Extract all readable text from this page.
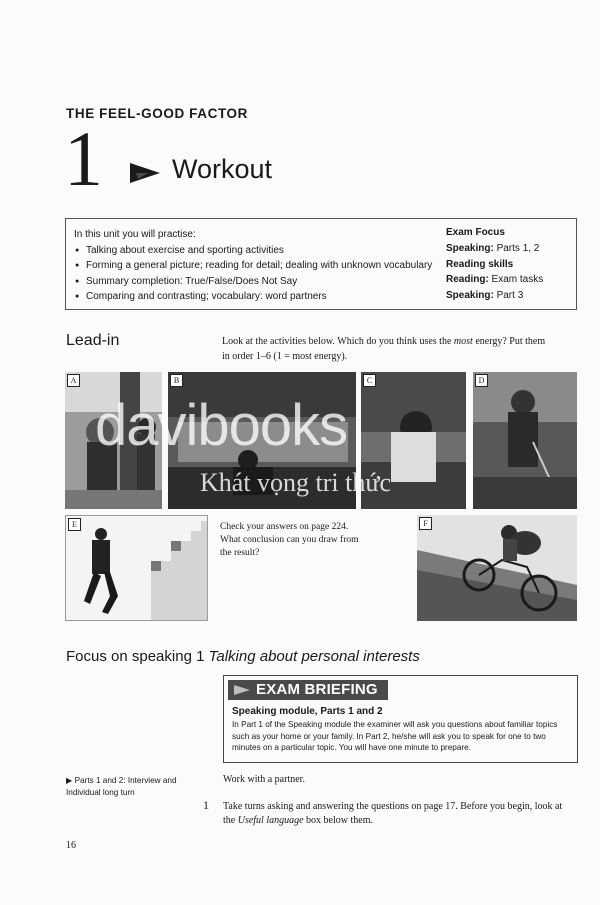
THE FEEL-GOOD FACTOR
1	Workout
In this unit you will practise:
● Talking about exercise and sporting activities
● Forming a general picture; reading for detail; dealing with unknown vocabulary
● Summary completion: True/False/Does Not Say
● Comparing and contrasting; vocabulary: word partners
Exam Focus
Speaking: Parts 1, 2
Reading skills
Reading: Exam tasks
Speaking: Part 3
Lead-in	Look at the activities below. Which do you think uses the most energy? Put them in order 1–6 (1 = most energy).
A	B	C	D
E	Check your answers on page 224. What conclusion can you draw from the result?
F
davibooks
Khát vọng tri thức
Focus on speaking 1 Talking about personal interests
EXAM BRIEFING
Speaking module, Parts 1 and 2
In Part 1 of the Speaking module the examiner will ask you questions about familiar topics such as your home or your family. In Part 2, he/she will ask you to speak for one to two minutes on a particular topic. You will have one minute to prepare.
▶ Parts 1 and 2: Interview and Individual long turn
Work with a partner.
1 Take turns asking and answering the questions on page 17. Before you begin, look at the Useful language box below them.
16
